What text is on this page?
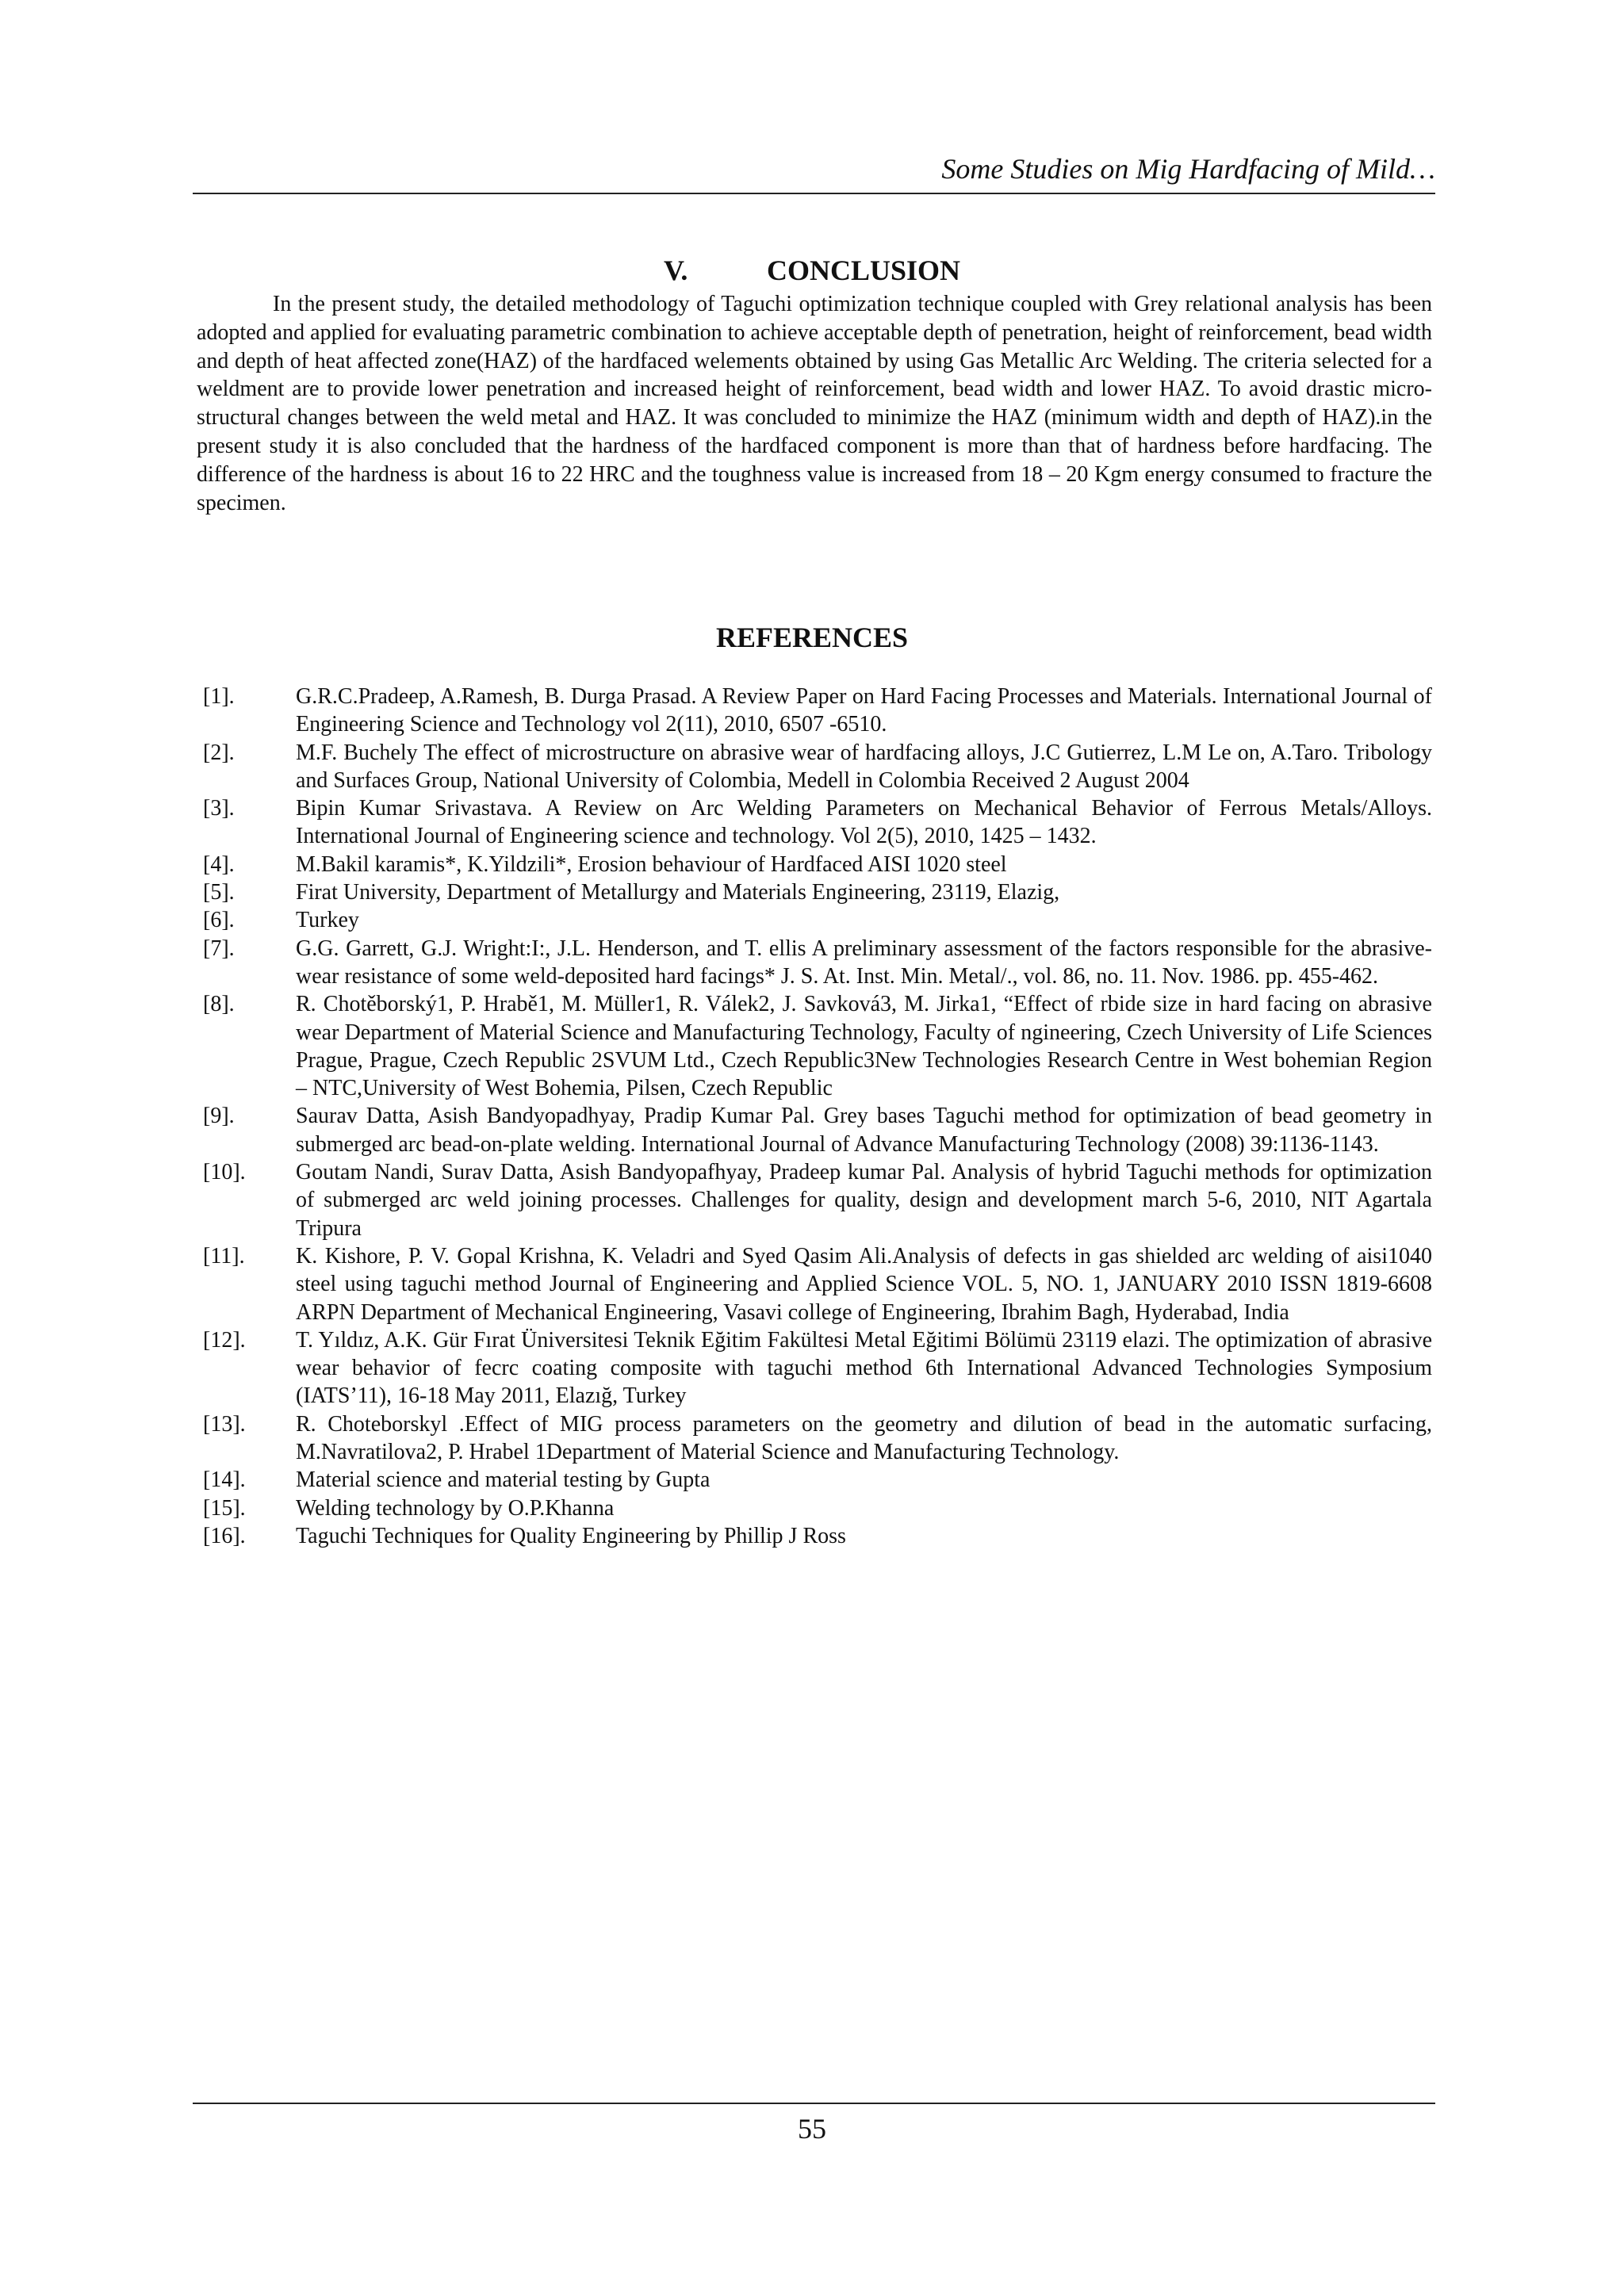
Some Studies on Mig Hardfacing of Mild…
V.	CONCLUSION

In the present study, the detailed methodology of Taguchi optimization technique coupled with Grey relational analysis has been adopted and applied for evaluating parametric combination to achieve acceptable depth of penetration, height of reinforcement, bead width and depth of heat affected zone(HAZ) of the hardfaced welements obtained by using Gas Metallic Arc Welding. The criteria selected for a weldment are to provide lower penetration and increased height of reinforcement, bead width and lower HAZ. To avoid drastic micro-structural changes between the weld metal and HAZ. It was concluded to minimize the HAZ (minimum width and depth of HAZ).in the present study it is also concluded that the hardness of the hardfaced component is more than that of hardness before hardfacing. The difference of the hardness is about 16 to 22 HRC and the toughness value is increased from 18 – 20 Kgm energy consumed to fracture the specimen.

REFERENCES
[1].	G.R.C.Pradeep, A.Ramesh, B. Durga Prasad. A Review Paper on Hard Facing Processes and Materials. International Journal of Engineering Science and Technology vol 2(11), 2010, 6507 -6510.
[2].	M.F. Buchely The effect of microstructure on abrasive wear of hardfacing alloys, J.C Gutierrez, L.M Le on, A.Taro. Tribology and Surfaces Group, National University of Colombia, Medell in Colombia Received 2 August 2004
[3].	Bipin Kumar Srivastava. A Review on Arc Welding Parameters on Mechanical Behavior of Ferrous Metals/Alloys. International Journal of Engineering science and technology. Vol 2(5), 2010, 1425 – 1432.
[4].	M.Bakil karamis*, K.Yildzili*, Erosion behaviour of Hardfaced AISI 1020 steel
[5].	Firat University, Department of Metallurgy and Materials Engineering, 23119, Elazig,
[6].	Turkey
[7].	G.G. Garrett, G.J. Wright:I:, J.L. Henderson, and T. ellis A preliminary assessment of the factors responsible for the abrasive-wear resistance of some weld-deposited hard facings* J. S. At. Inst. Min. Metal/., vol. 86, no. 11. Nov. 1986. pp. 455-462.
[8].	R. Chotěborský1, P. Hrabě1, M. Müller1, R. Válek2, J. Savková3, M. Jirka1, “Effect of rbide size in hard facing on abrasive wear Department of Material Science and Manufacturing Technology, Faculty of ngineering, Czech University of Life Sciences Prague, Prague, Czech Republic 2SVUM Ltd., Czech Republic3New Technologies Research Centre in West bohemian Region – NTC,University of West Bohemia, Pilsen, Czech Republic
[9].	Saurav Datta, Asish Bandyopadhyay, Pradip Kumar Pal. Grey bases Taguchi method for optimization of bead geometry in submerged arc bead-on-plate welding. International Journal of Advance Manufacturing Technology (2008) 39:1136-1143.
[10]. Goutam Nandi, Surav Datta, Asish Bandyopafhyay, Pradeep kumar Pal. Analysis of hybrid Taguchi methods for optimization of submerged arc weld joining processes. Challenges for quality, design and development march 5-6, 2010, NIT Agartala Tripura
[11]. K. Kishore, P. V. Gopal Krishna, K. Veladri and Syed Qasim Ali.Analysis of defects in gas shielded arc welding of aisi1040 steel using taguchi method Journal of Engineering and Applied Science VOL. 5, NO. 1, JANUARY 2010 ISSN 1819-6608 ARPN Department of Mechanical Engineering, Vasavi college of Engineering, Ibrahim Bagh, Hyderabad, India
[12]. T. Yıldız, A.K. Gür Fırat Üniversitesi Teknik Eğitim Fakültesi Metal Eğitimi Bölümü 23119 elazi. The optimization of abrasive wear behavior of fecrc coating composite with taguchi method 6th International Advanced Technologies Symposium (IATS’11), 16-18 May 2011, Elazığ, Turkey
[13]. R. Choteborskyl .Effect of MIG process parameters on the geometry and dilution of bead in the automatic surfacing, M.Navratilova2, P. Hrabel 1Department of Material Science and Manufacturing Technology.
[14]. Material science and material testing by Gupta
[15]. Welding technology by O.P.Khanna
[16]. Taguchi Techniques for Quality Engineering by Phillip J Ross
55
